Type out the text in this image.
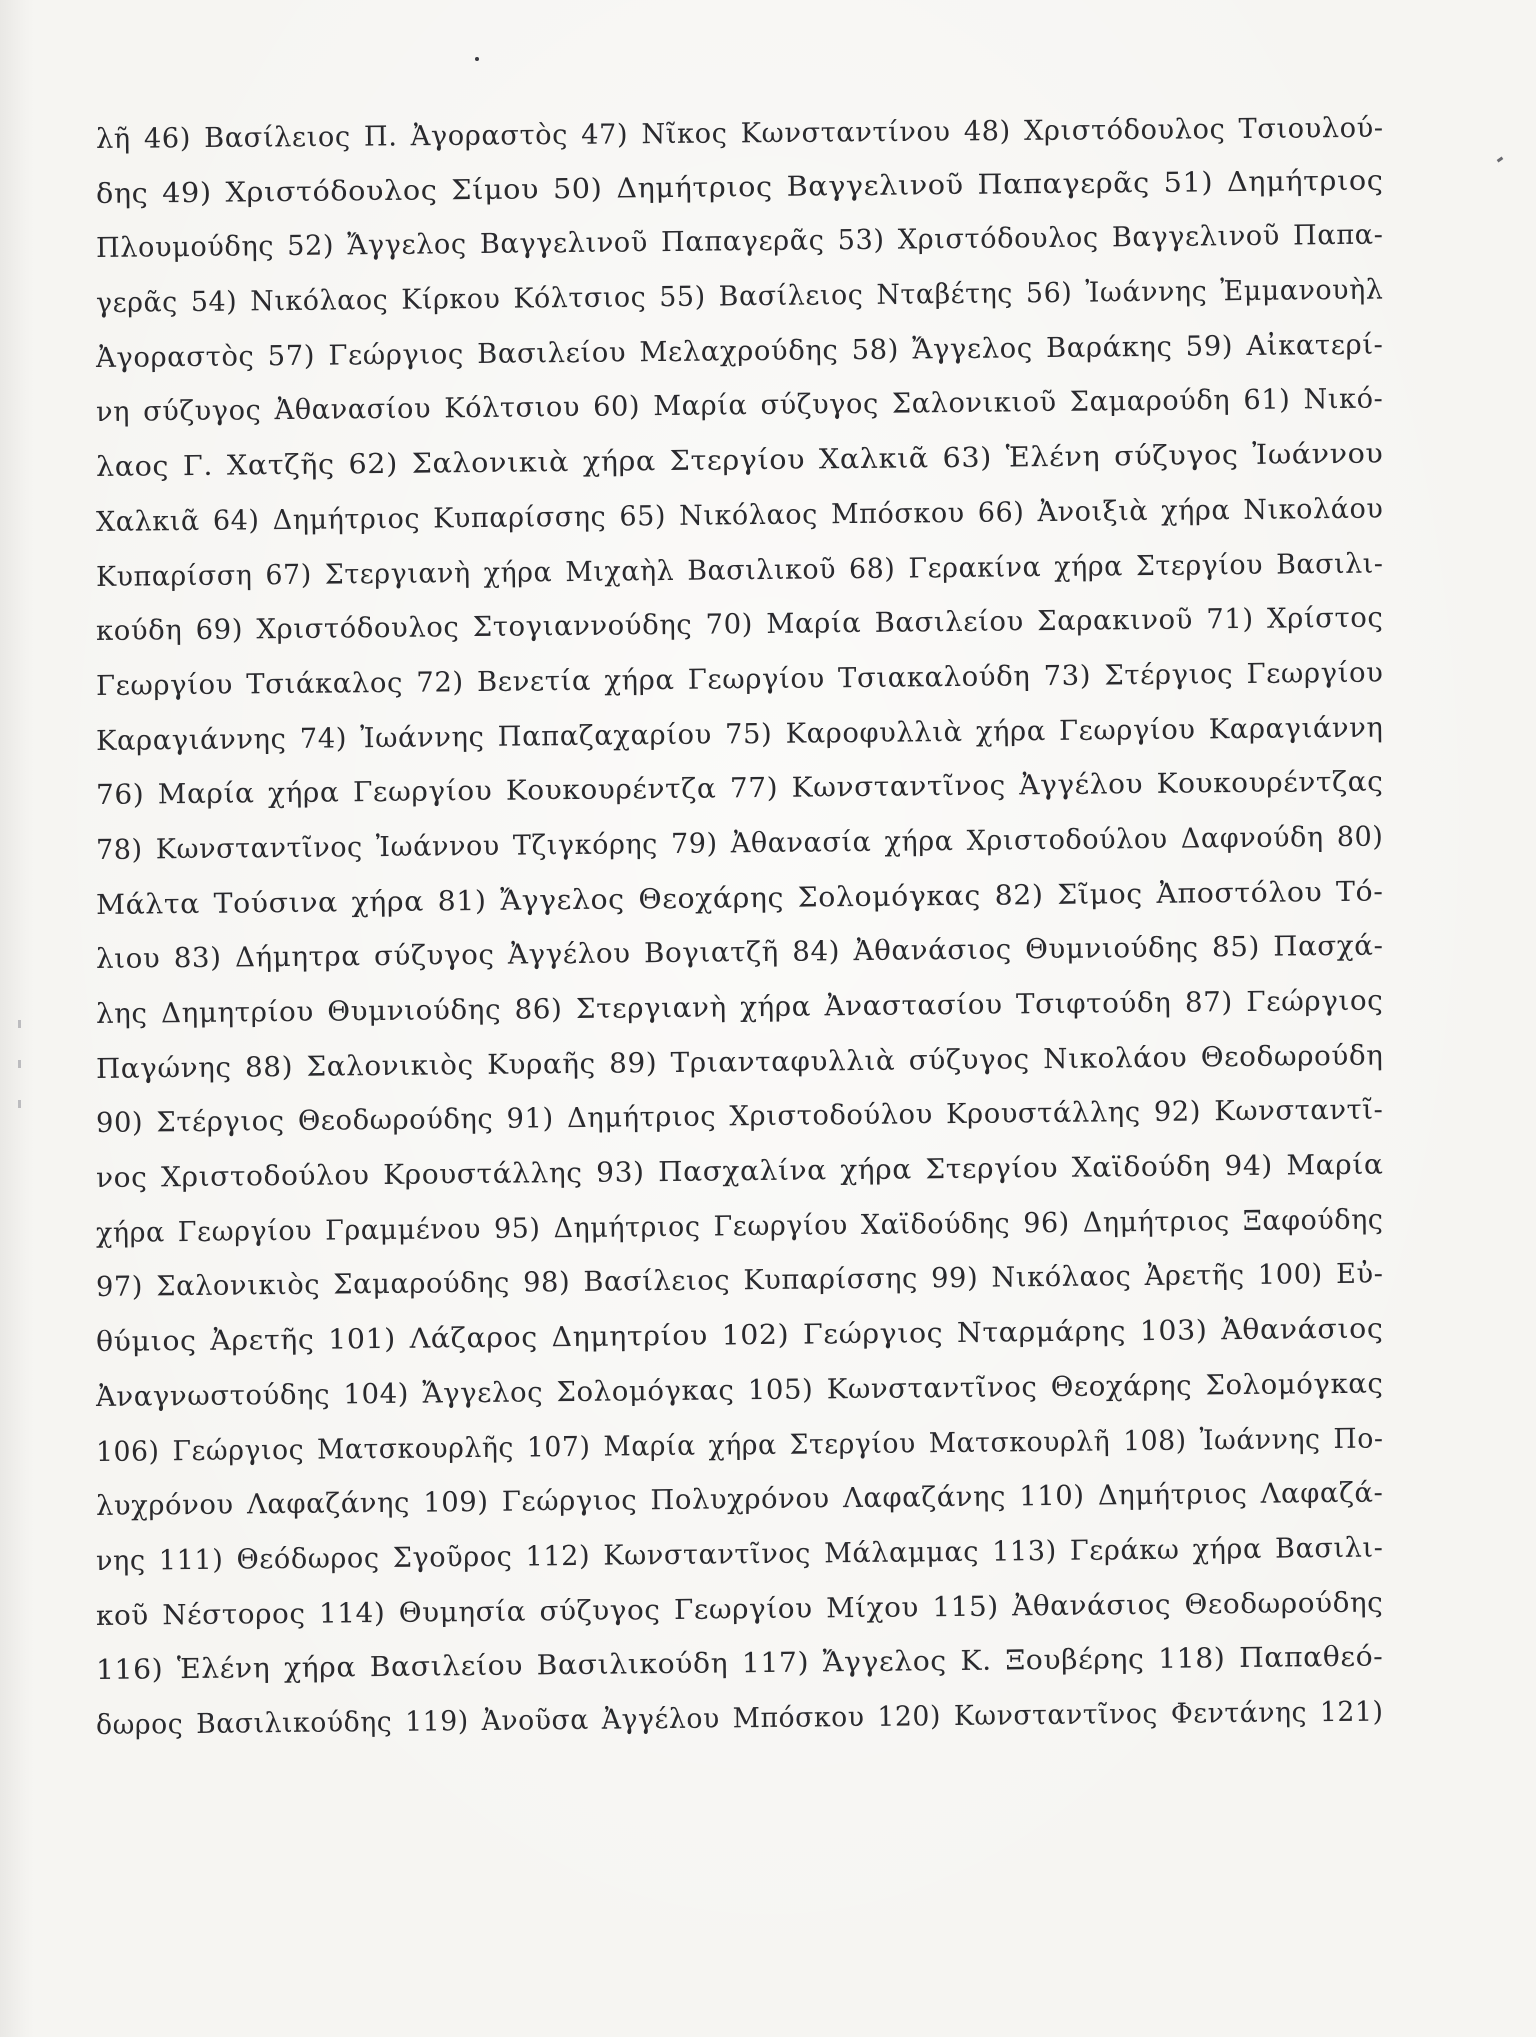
λῆ 46) Βασίλειος Π. Ἀγοραστὸς 47) Νῖκος Κωνσταντίνου 48) Χριστόδουλος Τσιουλού-
δης 49) Χριστόδουλος Σίμου 50) Δημήτριος Βαγγελινοῦ Παπαγερᾶς 51) Δημήτριος
Πλουμούδης 52) Ἄγγελος Βαγγελινοῦ Παπαγερᾶς 53) Χριστόδουλος Βαγγελινοῦ Παπα-
γερᾶς 54) Νικόλαος Κίρκου Κόλτσιος 55) Βασίλειος Νταβέτης 56) Ἰωάννης Ἐμμανουὴλ
Ἀγοραστὸς 57) Γεώργιος Βασιλείου Μελαχρούδης 58) Ἄγγελος Βαράκης 59) Αἰκατερί-
νη σύζυγος Ἀθανασίου Κόλτσιου 60) Μαρία σύζυγος Σαλονικιοῦ Σαμαρούδη 61) Νικό-
λαος Γ. Χατζῆς 62) Σαλονικιὰ χήρα Στεργίου Χαλκιᾶ 63) Ἑλένη σύζυγος Ἰωάννου
Χαλκιᾶ 64) Δημήτριος Κυπαρίσσης 65) Νικόλαος Μπόσκου 66) Ἀνοιξιὰ χήρα Νικολάου
Κυπαρίσση 67) Στεργιανὴ χήρα Μιχαὴλ Βασιλικοῦ 68) Γερακίνα χήρα Στεργίου Βασιλι-
κούδη 69) Χριστόδουλος Στογιαννούδης 70) Μαρία Βασιλείου Σαρακινοῦ 71) Χρίστος
Γεωργίου Τσιάκαλος 72) Βενετία χήρα Γεωργίου Τσιακαλούδη 73) Στέργιος Γεωργίου
Καραγιάννης 74) Ἰωάννης Παπαζαχαρίου 75) Καροφυλλιὰ χήρα Γεωργίου Καραγιάννη
76) Μαρία χήρα Γεωργίου Κουκουρέντζα 77) Κωνσταντῖνος Ἀγγέλου Κουκουρέντζας
78) Κωνσταντῖνος Ἰωάννου Τζιγκόρης 79) Ἀθανασία χήρα Χριστοδούλου Δαφνούδη 80)
Μάλτα Τούσινα χήρα 81) Ἄγγελος Θεοχάρης Σολομόγκας 82) Σῖμος Ἀποστόλου Τό-
λιου 83) Δήμητρα σύζυγος Ἀγγέλου Βογιατζῆ 84) Ἀθανάσιος Θυμνιούδης 85) Πασχά-
λης Δημητρίου Θυμνιούδης 86) Στεργιανὴ χήρα Ἀναστασίου Τσιφτούδη 87) Γεώργιος
Παγώνης 88) Σαλονικιὸς Κυραῆς 89) Τριανταφυλλιὰ σύζυγος Νικολάου Θεοδωρούδη
90) Στέργιος Θεοδωρούδης 91) Δημήτριος Χριστοδούλου Κρουστάλλης 92) Κωνσταντῖ-
νος Χριστοδούλου Κρουστάλλης 93) Πασχαλίνα χήρα Στεργίου Χαϊδούδη 94) Μαρία
χήρα Γεωργίου Γραμμένου 95) Δημήτριος Γεωργίου Χαϊδούδης 96) Δημήτριος Ξαφούδης
97) Σαλονικιὸς Σαμαρούδης 98) Βασίλειος Κυπαρίσσης 99) Νικόλαος Ἀρετῆς 100) Εὐ-
θύμιος Ἀρετῆς 101) Λάζαρος Δημητρίου 102) Γεώργιος Νταρμάρης 103) Ἀθανάσιος
Ἀναγνωστούδης 104) Ἄγγελος Σολομόγκας 105) Κωνσταντῖνος Θεοχάρης Σολομόγκας
106) Γεώργιος Ματσκουρλῆς 107) Μαρία χήρα Στεργίου Ματσκουρλῆ 108) Ἰωάννης Πο-
λυχρόνου Λαφαζάνης 109) Γεώργιος Πολυχρόνου Λαφαζάνης 110) Δημήτριος Λαφαζά-
νης 111) Θεόδωρος Σγοῦρος 112) Κωνσταντῖνος Μάλαμμας 113) Γεράκω χήρα Βασιλι-
κοῦ Νέστορος 114) Θυμησία σύζυγος Γεωργίου Μίχου 115) Ἀθανάσιος Θεοδωρούδης
116) Ἑλένη χήρα Βασιλείου Βασιλικούδη 117) Ἄγγελος Κ. Ξουβέρης 118) Παπαθεό-
δωρος Βασιλικούδης 119) Ἀνοῦσα Ἀγγέλου Μπόσκου 120) Κωνσταντῖνος Φεντάνης 121)
